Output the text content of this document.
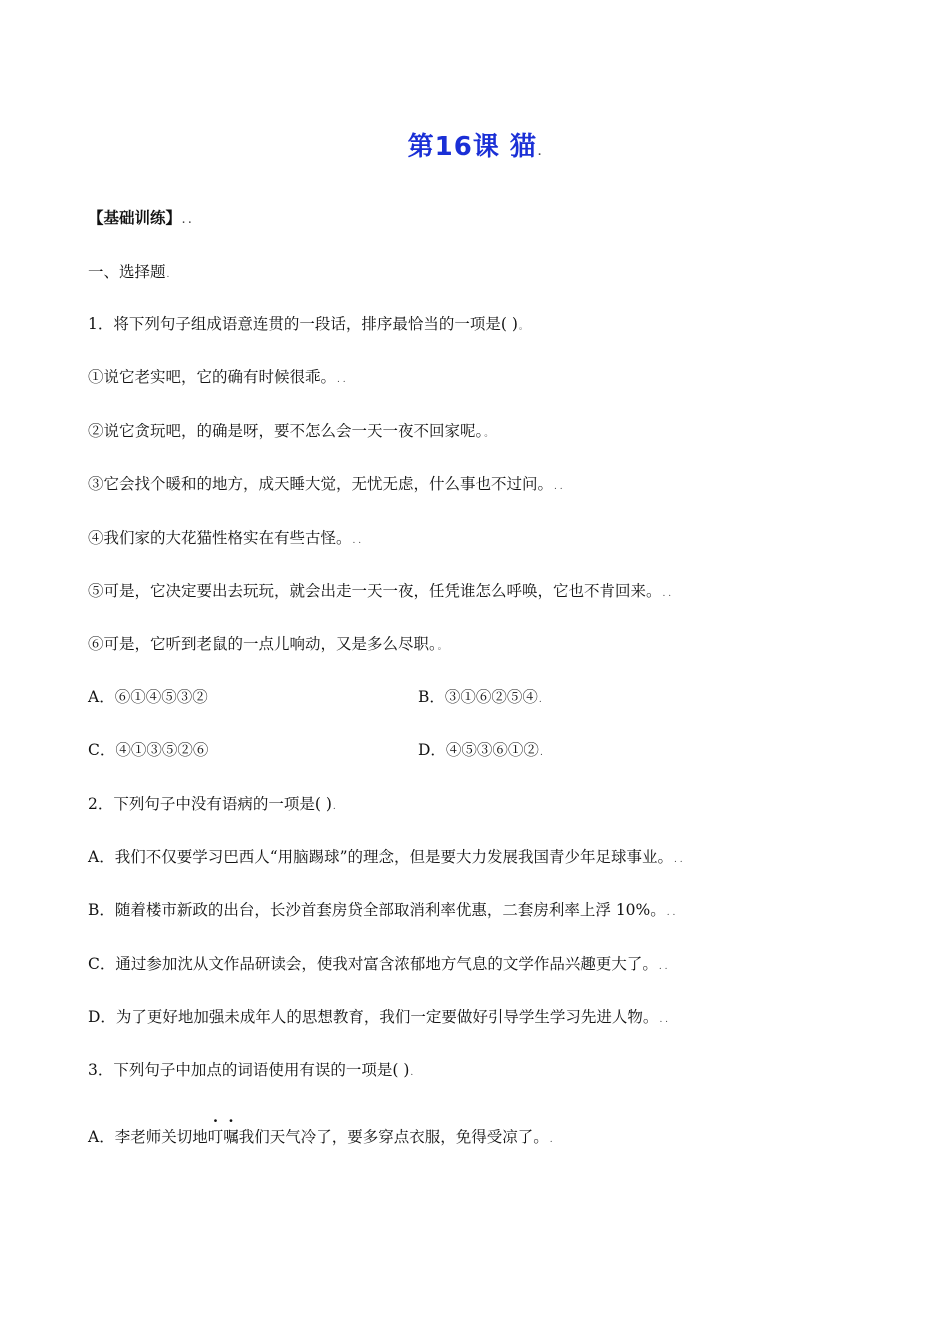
第16课 猫.
【基础训练】. .
一、选择题.
1．将下列句子组成语意连贯的一段话，排序最恰当的一项是( )。
①说它老实吧，它的确有时候很乖。. .
②说它贪玩吧，的确是呀，要不怎么会一天一夜不回家呢。。
③它会找个暖和的地方，成天睡大觉，无忧无虑，什么事也不过问。. .
④我们家的大花猫性格实在有些古怪。. .
⑤可是，它决定要出去玩玩，就会出走一天一夜，任凭谁怎么呼唤，它也不肯回来。. .
⑥可是，它听到老鼠的一点儿响动，又是多么尽职。。
A．⑥①④⑤③②	B．③①⑥②⑤④.
C．④①③⑤②⑥	D．④⑤③⑥①②.
2．下列句子中没有语病的一项是( ).
A．我们不仅要学习巴西人“用脑踢球”的理念，但是要大力发展我国青少年足球事业。. .
B．随着楼市新政的出台，长沙首套房贷全部取消利率优惠，二套房利率上浮 10%。. .
C．通过参加沈从文作品研读会，使我对富含浓郁地方气息的文学作品兴趣更大了。. .
D．为了更好地加强未成年人的思想教育，我们一定要做好引导学生学习先进人物。. .
3．下列句子中加点的词语使用有误的一项是( ).
A．李老师关切地叮嘱我们天气冷了，要多穿点衣服，免得受凉了。.
